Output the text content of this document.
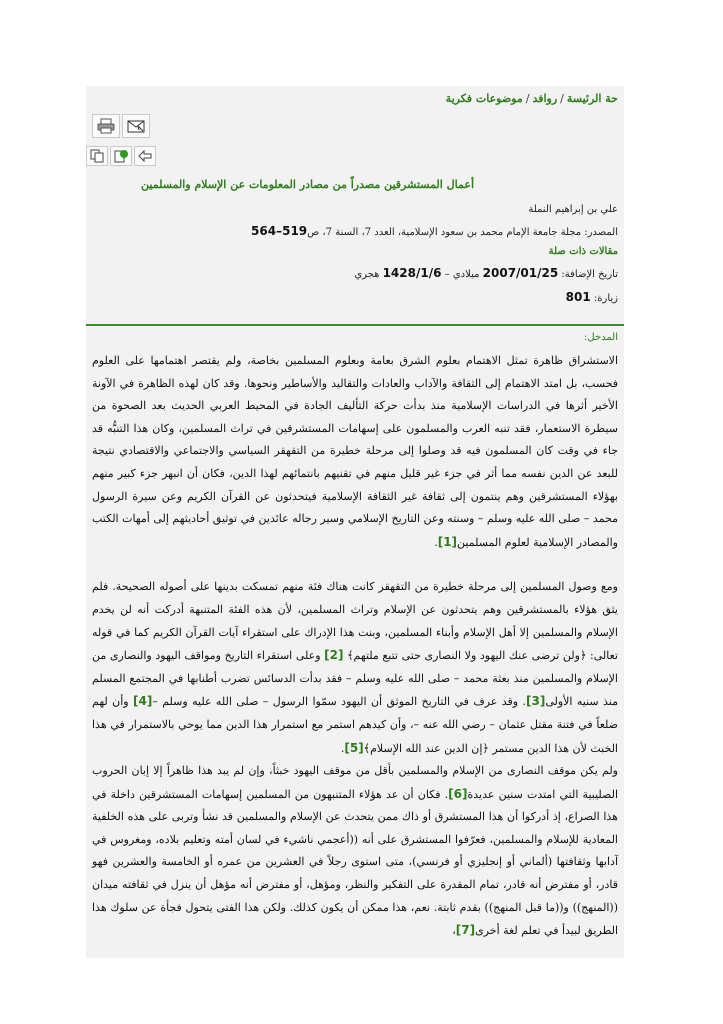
حة الرئيسة/روافد/موضوعات فكرية
أعمال المستشرقين مصدراً من مصادر المعلومات عن الإسلام والمسلمين
علي بن إبراهيم النملة
المصدر: مجلة جامعة الإمام محمد بن سعود الإسلامية، العدد 7، السنة 7، ص519–564
مقالات ذات صلة
تاريخ الإضافة: 2007/01/25 ميلادي – 1428/1/6 هجري
زيارة: 801
المدخل:

الاستشراق ظاهرة تمثل الاهتمام بعلوم الشرق بعامة وبعلوم المسلمين بخاصة، ولم يقتصر اهتمامها على العلوم فحسب، بل امتد الاهتمام إلى الثقافة والآداب والعادات والتقاليد والأساطير ونحوها. وقد كان لهذه الظاهرة في الآونة الأخير أثرها في الدراسات الإسلامية منذ بدأت حركة التأليف الجادة في المحيط العربي الحديث بعد الصحوة من سيطرة الاستعمار، فقد تنبه العرب والمسلمون على إسهامات المستشرقين في تراث المسلمين، وكان هذا التنبُّه قد جاء في وقت كان المسلمون فيه قد وصلوا إلى مرحلة خطيرة من التقهقر السياسي والاجتماعي والاقتصادي نتيجة للبعد عن الدين نفسه مما أثر في جزء غير قليل منهم في تقنيهم بانتمائهم لهذا الدين، فكان أن انبهر جزء كبير منهم بهؤلاء المستشرقين وهم ينتمون إلى ثقافة غير الثقافة الإسلامية فيتحدثون عن القرآن الكريم وعن سيرة الرسول محمد – صلى الله عليه وسلم – وسنته وعن التاريخ الإسلامي وسير رجاله عائدين في توثيق أحاديثهم إلى أمهات الكتب والمصادر الإسلامية لعلوم المسلمين[1].

ومع وصول المسلمين إلى مرحلة خطيرة من التقهقر كانت هناك فئة منهم تمسكت بدينها على أصوله الصحيحة. فلم يثق هؤلاء بالمستشرقين وهم يتحدثون عن الإسلام وتراث المسلمين، لأن هذه الفئة المتنبهة أدركت أنه لن يخدم الإسلام والمسلمين إلا أهل الإسلام وأبناء المسلمين، وبنت هذا الإدراك على استقراء آيات القرآن الكريم كما في قوله تعالى: ﴿ولن ترضى عنك اليهود ولا النصارى حتى تتبع ملتهم﴾ [2] وعلى استقراء التاريخ ومواقف اليهود والنصارى من الإسلام والمسلمين منذ بعثة محمد – صلى الله عليه وسلم – فقد بدأت الدسائس تضرب أطنابها في المجتمع المسلم منذ سنيه الأولى[3]. وقد عرف في التاريخ الموثق أن اليهود سمّوا الرسول – صلى الله عليه وسلم –[4] وأن لهم ضلعاً في فتنة مقتل عثمان – رضي الله عنه –، وأن كيدهم استمر مع استمرار هذا الدين مما يوحي بالاستمرار في هذا الخبث لأن هذا الدين مستمر ﴿إن الدين عند الله الإسلام﴾[5].

ولم يكن موقف النصارى من الإسلام والمسلمين بأقل من موقف اليهود خبثاً، وإن لم يبد هذا ظاهراً إلا إبان الحروب الصليبية التي امتدت سنين عديدة[6]. فكان أن عد هؤلاء المتنبهون من المسلمين إسهامات المستشرقين داخلة في هذا الصراع، إذ أدركوا أن هذا المستشرق أو ذاك ممن يتحدث عن الإسلام والمسلمين قد نشأ وتربى على هذه الخلفية المعادية للإسلام والمسلمين، فعرّفوا المستشرق على أنه ((أعجمي ناشيء في لسان أمته وتعليم بلاده، ومغروس في آدابها وثقافتها (ألماني أو إنجليزي أو فرنسي)، متى استوى رجلاً في العشرين من عمره أو الخامسة والعشرين فهو قادر، أو مفترض أنه قادر، تمام المقدرة على التفكير والنظر، ومؤهل، أو مفترض أنه مؤهل أن ينزل في ثقافته ميدان ((المنهج)) و((ما قبل المنهج)) بقدم ثابتة. نعم، هذا ممكن أن يكون كذلك. ولكن هذا الفتى يتحول فجأة عن سلوك هذا الطريق لبيدأ في تعلم لغة أخرى[7]،
